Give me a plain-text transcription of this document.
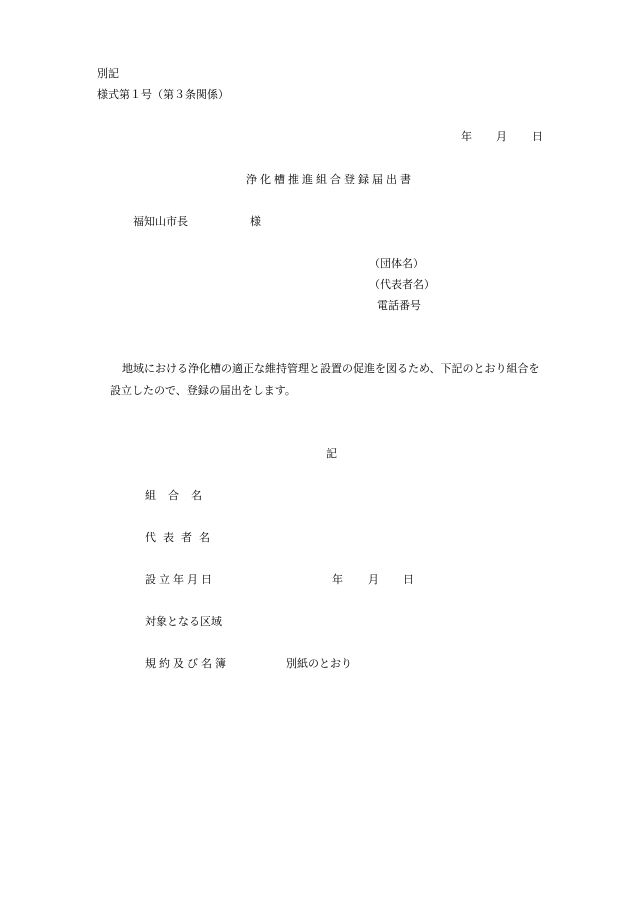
別記
様式第１号（第３条関係）
年 月 日
浄化槽推進組合登録届出書
福知山市長	様
（団体名）
（代表者名）
電話番号
地域における浄化槽の適正な維持管理と設置の促進を図るため、下記のとおり組合を
設立したので、登録の届出をします。
記
組合名
代表者名
設立年月日	年 月 日
対象となる区域
規約及び名簿	別紙のとおり
